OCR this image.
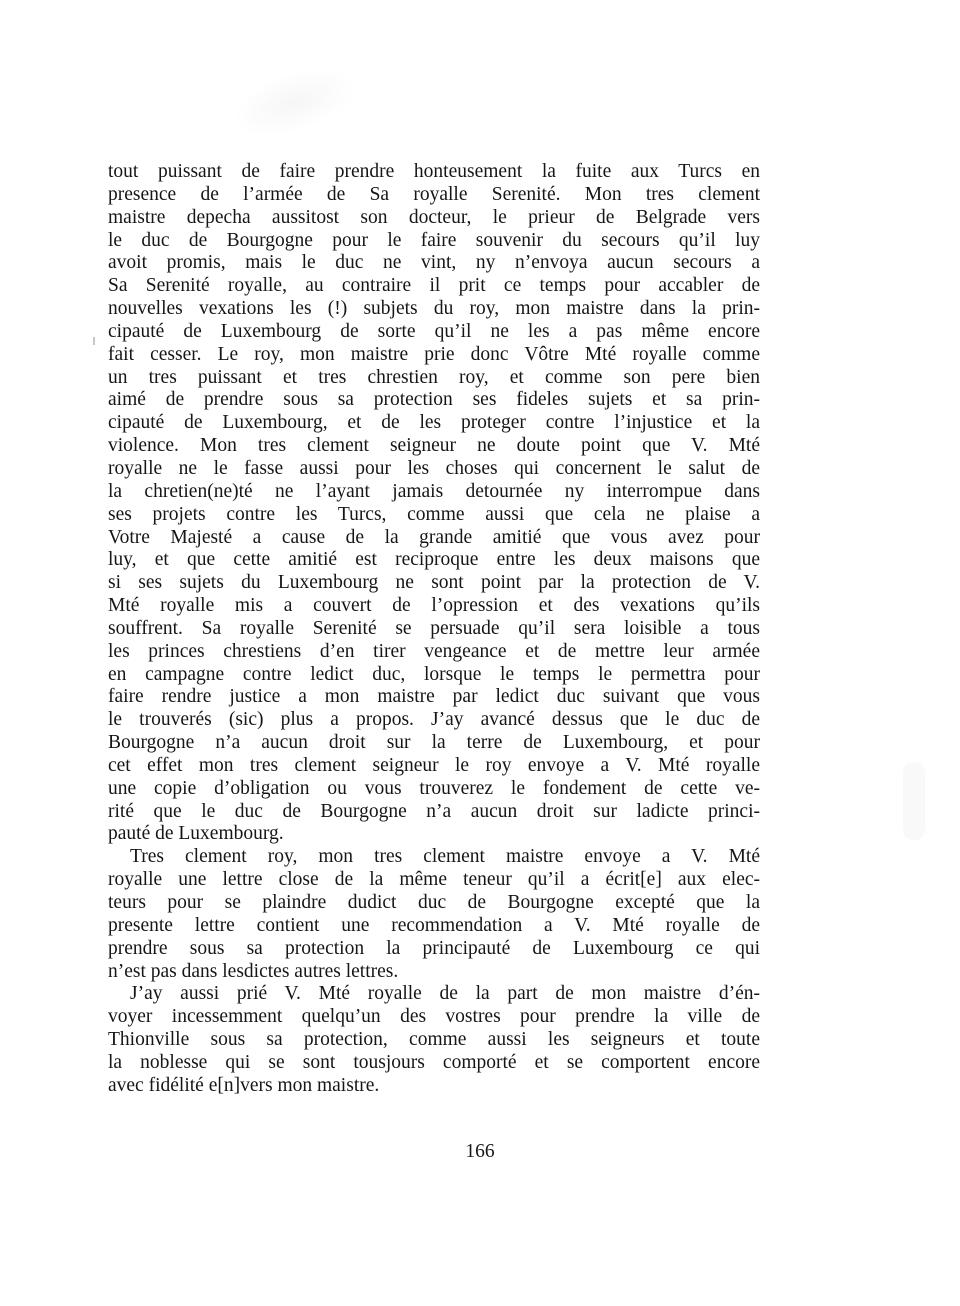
tout puissant de faire prendre honteusement la fuite aux Turcs en
presence de l’armée de Sa royalle Serenité. Mon tres clement
maistre depecha aussitost son docteur, le prieur de Belgrade vers
le duc de Bourgogne pour le faire souvenir du secours qu’il luy
avoit promis, mais le duc ne vint, ny n’envoya aucun secours a
Sa Serenité royalle, au contraire il prit ce temps pour accabler de
nouvelles vexations les (!) subjets du roy, mon maistre dans la prin-
cipauté de Luxembourg de sorte qu’il ne les a pas même encore
fait cesser. Le roy, mon maistre prie donc Vôtre Mté royalle comme
un tres puissant et tres chrestien roy, et comme son pere bien
aimé de prendre sous sa protection ses fideles sujets et sa prin-
cipauté de Luxembourg, et de les proteger contre l’injustice et la
violence. Mon tres clement seigneur ne doute point que V. Mté
royalle ne le fasse aussi pour les choses qui concernent le salut de
la chretien(ne)té ne l’ayant jamais detournée ny interrompue dans
ses projets contre les Turcs, comme aussi que cela ne plaise a
Votre Majesté a cause de la grande amitié que vous avez pour
luy, et que cette amitié est reciproque entre les deux maisons que
si ses sujets du Luxembourg ne sont point par la protection de V.
Mté royalle mis a couvert de l’opression et des vexations qu’ils
souffrent. Sa royalle Serenité se persuade qu’il sera loisible a tous
les princes chrestiens d’en tirer vengeance et de mettre leur armée
en campagne contre ledict duc, lorsque le temps le permettra pour
faire rendre justice a mon maistre par ledict duc suivant que vous
le trouverés (sic) plus a propos. J’ay avancé dessus que le duc de
Bourgogne n’a aucun droit sur la terre de Luxembourg, et pour
cet effet mon tres clement seigneur le roy envoye a V. Mté royalle
une copie d’obligation ou vous trouverez le fondement de cette ve-
rité que le duc de Bourgogne n’a aucun droit sur ladicte princi-
pauté de Luxembourg.
Tres clement roy, mon tres clement maistre envoye a V. Mté
royalle une lettre close de la même teneur qu’il a écrit[e] aux elec-
teurs pour se plaindre dudict duc de Bourgogne excepté que la
presente lettre contient une recommendation a V. Mté royalle de
prendre sous sa protection la principauté de Luxembourg ce qui
n’est pas dans lesdictes autres lettres.
J’ay aussi prié V. Mté royalle de la part de mon maistre d’én-
voyer incessemment quelqu’un des vostres pour prendre la ville de
Thionville sous sa protection, comme aussi les seigneurs et toute
la noblesse qui se sont tousjours comporté et se comportent encore
avec fidélité e[n]vers mon maistre.
166
